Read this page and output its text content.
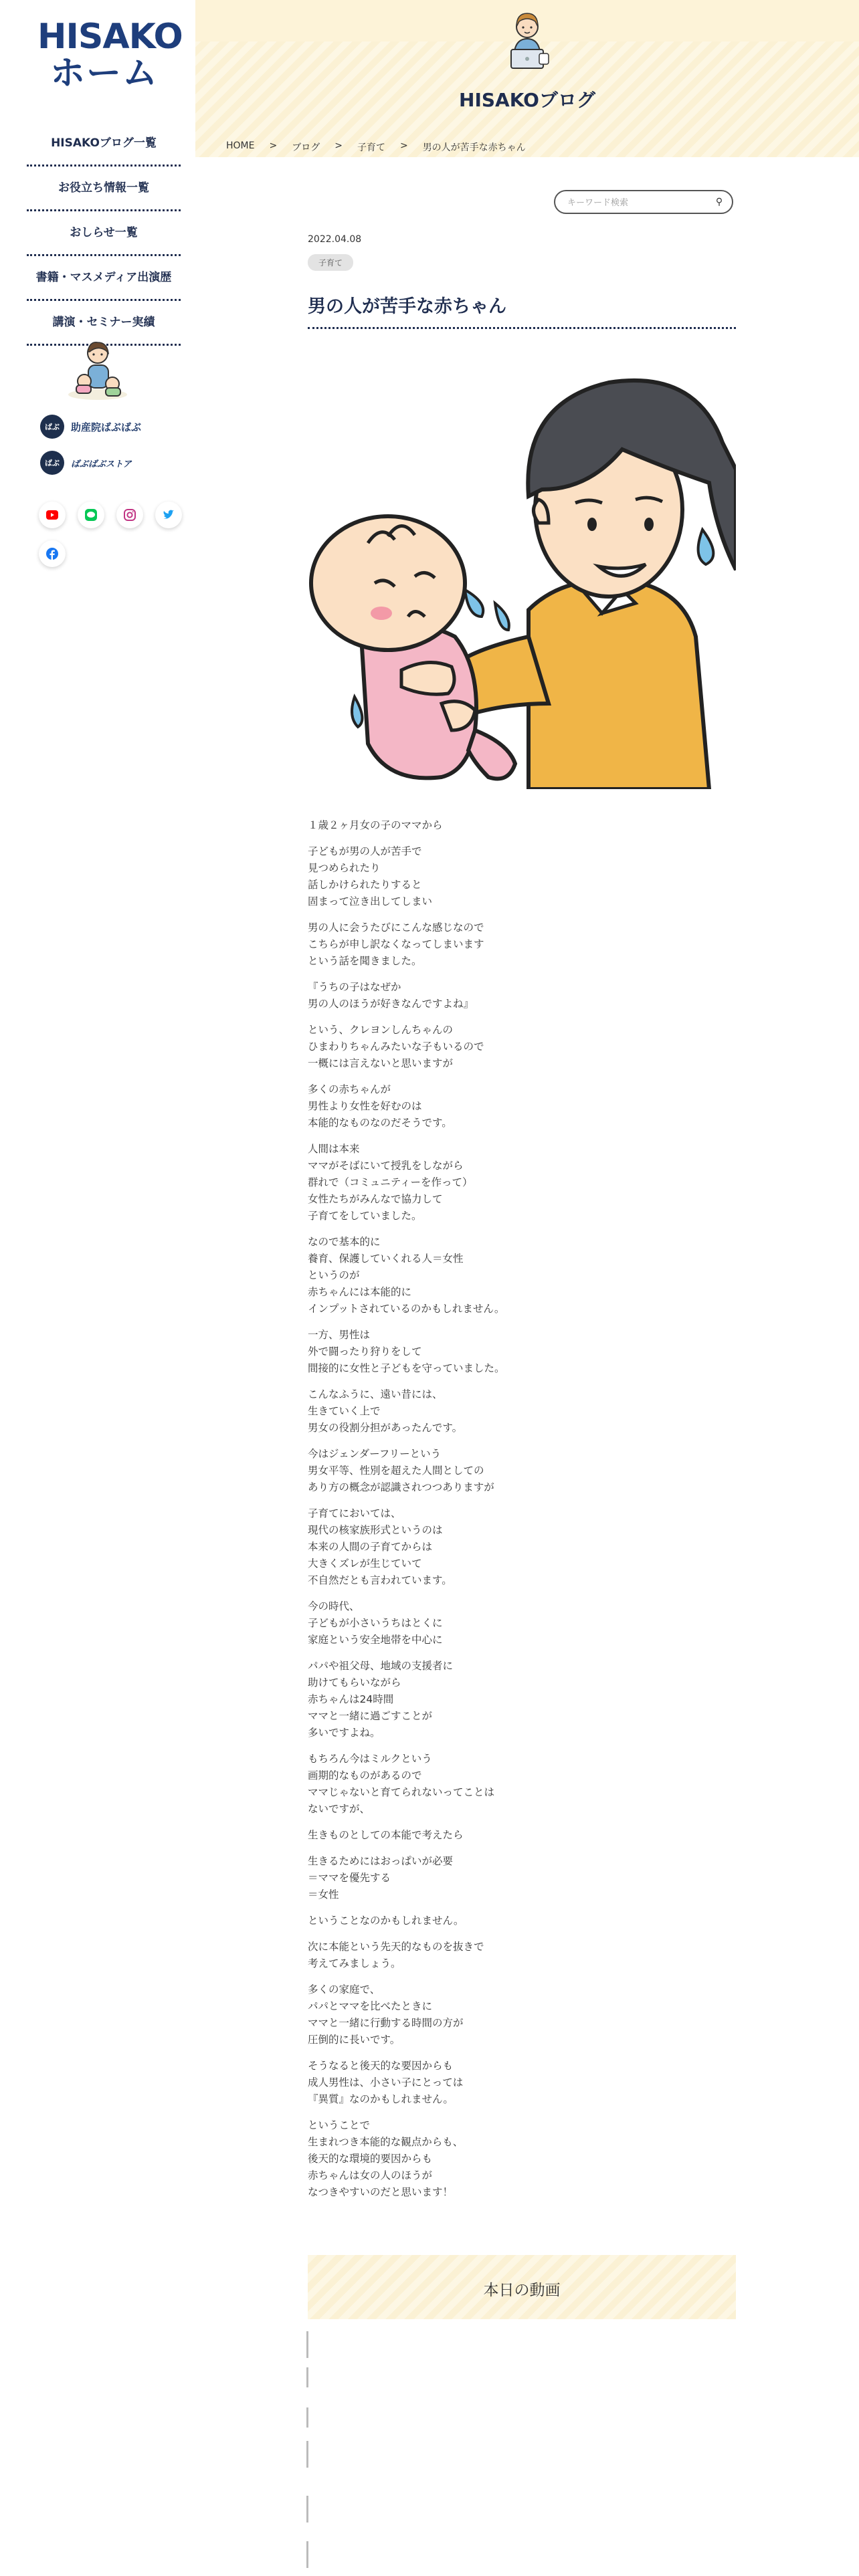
HISAKO
ホーム
HISAKOブログ一覧
お役立ち情報一覧
おしらせ一覧
書籍・マスメディア出演歴
講演・セミナー実績
ばぶ	助産院ばぶばぶ
ばぶ	ばぶばぶストア
HISAKOブログ
HOME > ブログ > 子育て > 男の人が苦手な赤ちゃん
キーワード検索
⚲
2022.04.08
子育て
男の人が苦手な赤ちゃん

１歳２ヶ月女の子のママから

子どもが男の人が苦手で
見つめられたり
話しかけられたりすると
固まって泣き出してしまい

男の人に会うたびにこんな感じなので
こちらが申し訳なくなってしまいます
という話を聞きました。

『うちの子はなぜか
男の人のほうが好きなんですよね』

という、クレヨンしんちゃんの
ひまわりちゃんみたいな子もいるので
一概には言えないと思いますが

多くの赤ちゃんが
男性より女性を好むのは
本能的なものなのだそうです。

人間は本来
ママがそばにいて授乳をしながら
群れで（コミュニティーを作って）
女性たちがみんなで協力して
子育てをしていました。

なので基本的に
養育、保護していくれる人＝女性
というのが
赤ちゃんには本能的に
インプットされているのかもしれません。

一方、男性は
外で闘ったり狩りをして
間接的に女性と子どもを守っていました。

こんなふうに、遠い昔には、
生きていく上で
男女の役割分担があったんです。

今はジェンダーフリーという
男女平等、性別を超えた人間としての
あり方の概念が認識されつつありますが

子育てにおいては、
現代の核家族形式というのは
本来の人間の子育てからは
大きくズレが生じていて
不自然だとも言われています。

今の時代、
子どもが小さいうちはとくに
家庭という安全地帯を中心に

パパや祖父母、地域の支援者に
助けてもらいながら
赤ちゃんは24時間
ママと一緒に過ごすことが
多いですよね。

もちろん今はミルクという
画期的なものがあるので
ママじゃないと育てられないってことは
ないですが、

生きものとしての本能で考えたら

生きるためにはおっぱいが必要
＝ママを優先する
＝女性

ということなのかもしれません。

次に本能という先天的なものを抜きで
考えてみましょう。

多くの家庭で、
パパとママを比べたときに
ママと一緒に行動する時間の方が
圧倒的に長いです。

そうなると後天的な要因からも
成人男性は、小さい子にとっては
『異質』なのかもしれません。

ということで
生まれつき本能的な観点からも、
後天的な環境的要因からも
赤ちゃんは女の人のほうが
なつきやすいのだと思います！

本日の動画
